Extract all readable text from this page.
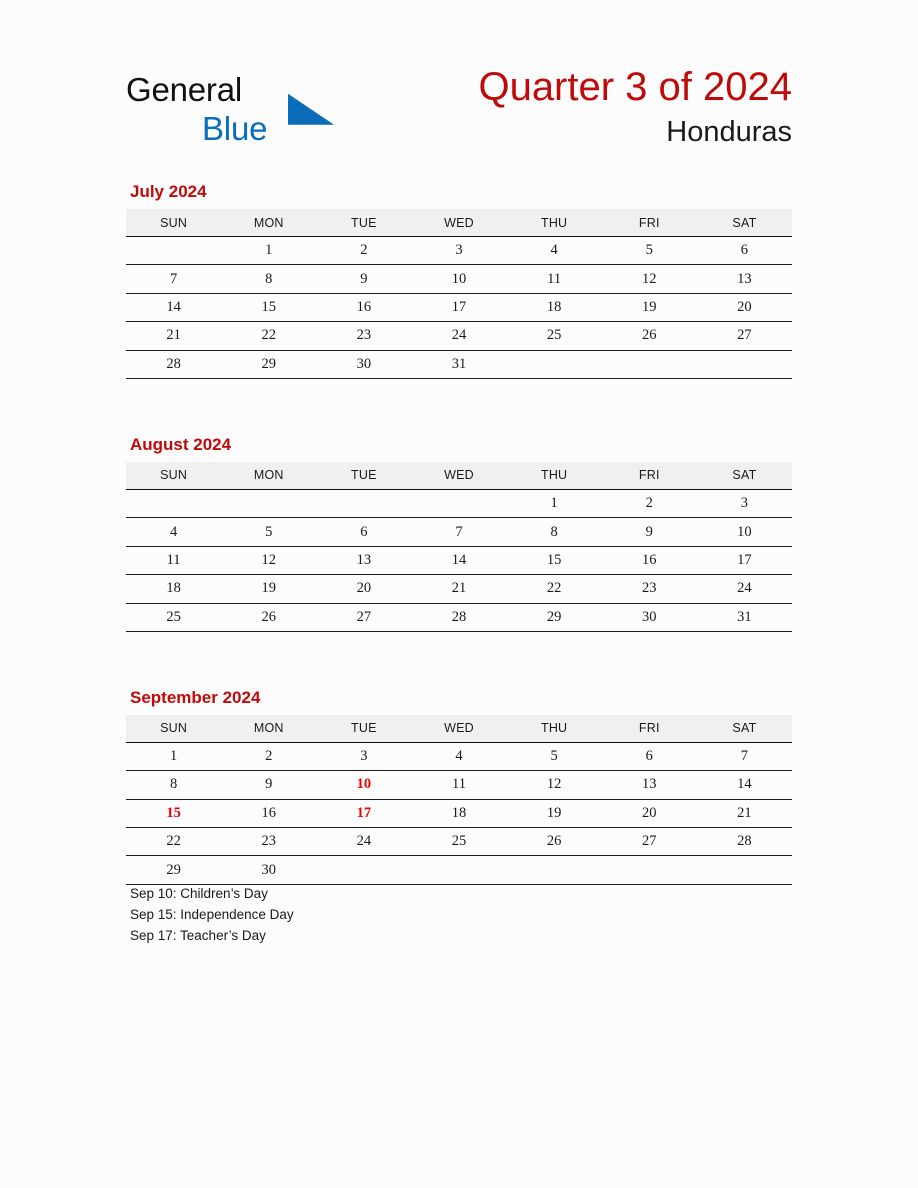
General
Blue
Quarter 3 of 2024
Honduras
July 2024
SUN	MON	TUE	WED	THU	FRI	SAT
	1	2	3	4	5	6
7	8	9	10	11	12	13
14	15	16	17	18	19	20
21	22	23	24	25	26	27
28	29	30	31			
August 2024
SUN	MON	TUE	WED	THU	FRI	SAT
				1	2	3
4	5	6	7	8	9	10
11	12	13	14	15	16	17
18	19	20	21	22	23	24
25	26	27	28	29	30	31
September 2024
SUN	MON	TUE	WED	THU	FRI	SAT
1	2	3	4	5	6	7
8	9	10	11	12	13	14
15	16	17	18	19	20	21
22	23	24	25	26	27	28
29	30					
Sep 10: Children’s Day
Sep 15: Independence Day
Sep 17: Teacher’s Day
